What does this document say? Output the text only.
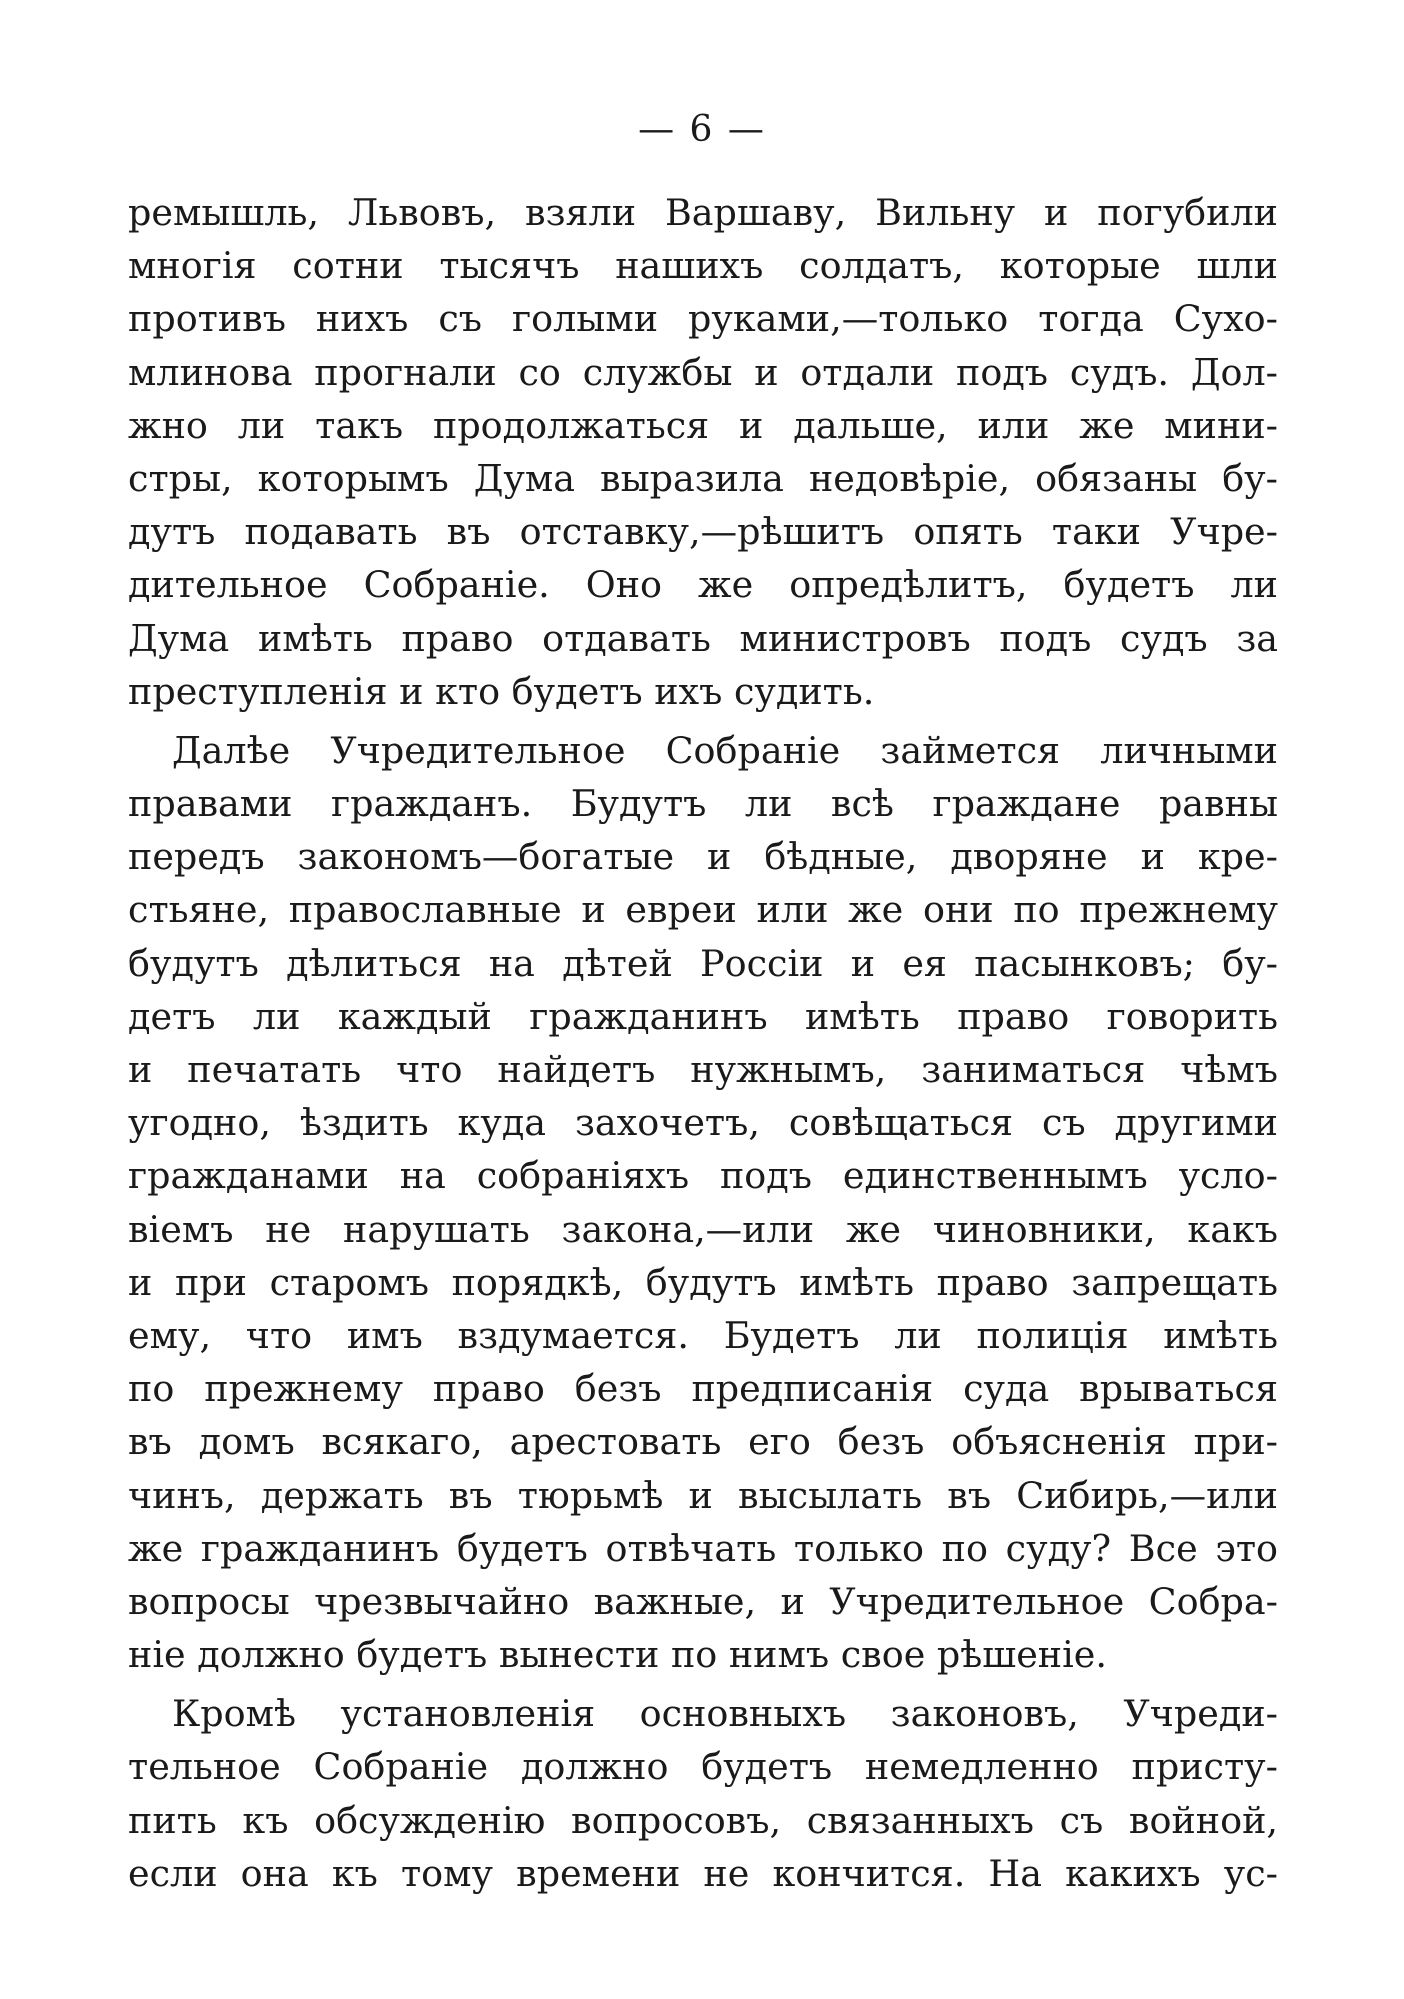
— 6 —
ремышль, Львовъ, взяли Варшаву, Вильну и погубили
многія сотни тысячъ нашихъ солдатъ, которые шли
противъ нихъ съ голыми руками,—только тогда Сухо-
млинова прогнали со службы и отдали подъ судъ. Дол-
жно ли такъ продолжаться и дальше, или же мини-
стры, которымъ Дума выразила недовѣріе, обязаны бу-
дутъ подавать въ отставку,—рѣшитъ опять таки Учре-
дительное Собраніе. Оно же опредѣлитъ, будетъ ли
Дума имѣть право отдавать министровъ подъ судъ за
преступленія и кто будетъ ихъ судить.
Далѣе Учредительное Собраніе займется личными
правами гражданъ. Будутъ ли всѣ граждане равны
передъ закономъ—богатые и бѣдные, дворяне и кре-
стьяне, православные и евреи или же они по прежнему
будутъ дѣлиться на дѣтей Россіи и ея пасынковъ; бу-
детъ ли каждый гражданинъ имѣть право говорить
и печатать что найдетъ нужнымъ, заниматься чѣмъ
угодно, ѣздить куда захочетъ, совѣщаться съ другими
гражданами на собраніяхъ подъ единственнымъ усло-
віемъ не нарушать закона,—или же чиновники, какъ
и при старомъ порядкѣ, будутъ имѣть право запрещать
ему, что имъ вздумается. Будетъ ли полиція имѣть
по прежнему право безъ предписанія суда врываться
въ домъ всякаго, арестовать его безъ объясненія при-
чинъ, держать въ тюрьмѣ и высылать въ Сибирь,—или
же гражданинъ будетъ отвѣчать только по суду? Все это
вопросы чрезвычайно важные, и Учредительное Собра-
ніе должно будетъ вынести по нимъ свое рѣшеніе.
Кромѣ установленія основныхъ законовъ, Учреди-
тельное Собраніе должно будетъ немедленно присту-
пить къ обсужденію вопросовъ, связанныхъ съ войной,
если она къ тому времени не кончится. На какихъ ус-
